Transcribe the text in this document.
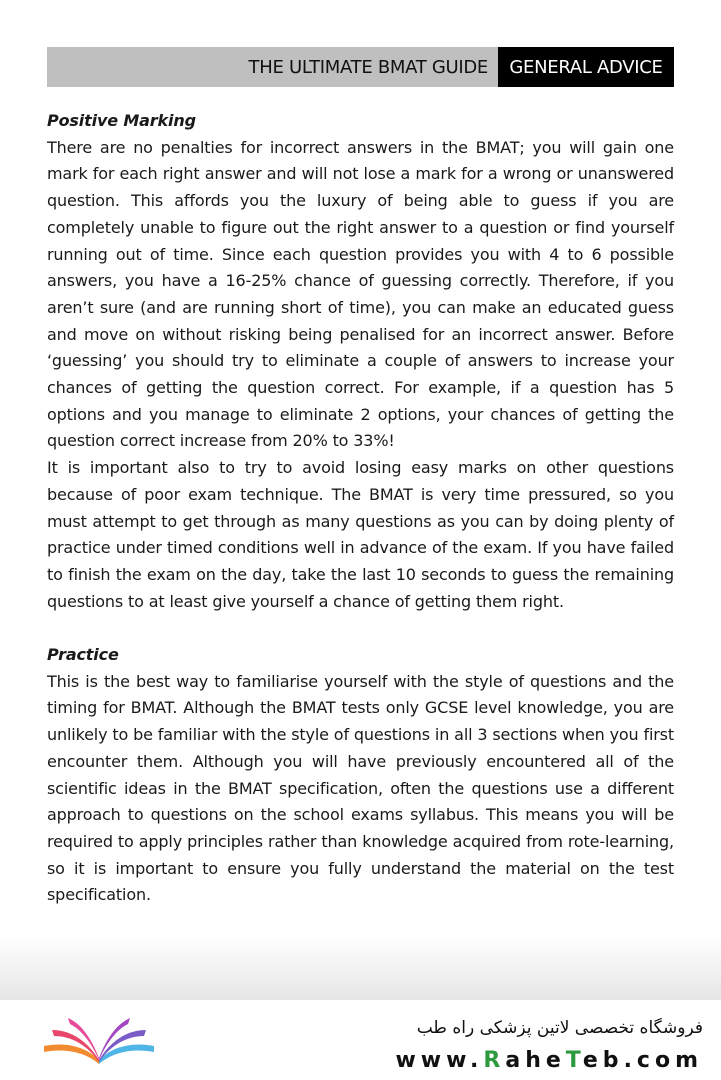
THE ULTIMATE BMAT GUIDE	GENERAL ADVICE

Positive Marking

There are no penalties for incorrect answers in the BMAT; you will gain one mark for each right answer and will not lose a mark for a wrong or unanswered question. This affords you the luxury of being able to guess if you are completely unable to figure out the right answer to a question or find yourself running out of time. Since each question provides you with 4 to 6 possible answers, you have a 16-25% chance of guessing correctly. Therefore, if you aren’t sure (and are running short of time), you can make an educated guess and move on without risking being penalised for an incorrect answer. Before ‘guessing’ you should try to eliminate a couple of answers to increase your chances of getting the question correct. For example, if a question has 5 options and you manage to eliminate 2 options, your chances of getting the question correct increase from 20% to 33%!

It is important also to try to avoid losing easy marks on other questions because of poor exam technique. The BMAT is very time pressured, so you must attempt to get through as many questions as you can by doing plenty of practice under timed conditions well in advance of the exam. If you have failed to finish the exam on the day, take the last 10 seconds to guess the remaining questions to at least give yourself a chance of getting them right.

Practice

This is the best way to familiarise yourself with the style of questions and the timing for BMAT. Although the BMAT tests only GCSE level knowledge, you are unlikely to be familiar with the style of questions in all 3 sections when you first encounter them. Although you will have previously encountered all of the scientific ideas in the BMAT specification, often the questions use a different approach to questions on the school exams syllabus. This means you will be required to apply principles rather than knowledge acquired from rote-learning, so it is important to ensure you fully understand the material on the test specification.

فروشگاه تخصصی لاتین پزشکی راه طب
www.RaheTeb.com
